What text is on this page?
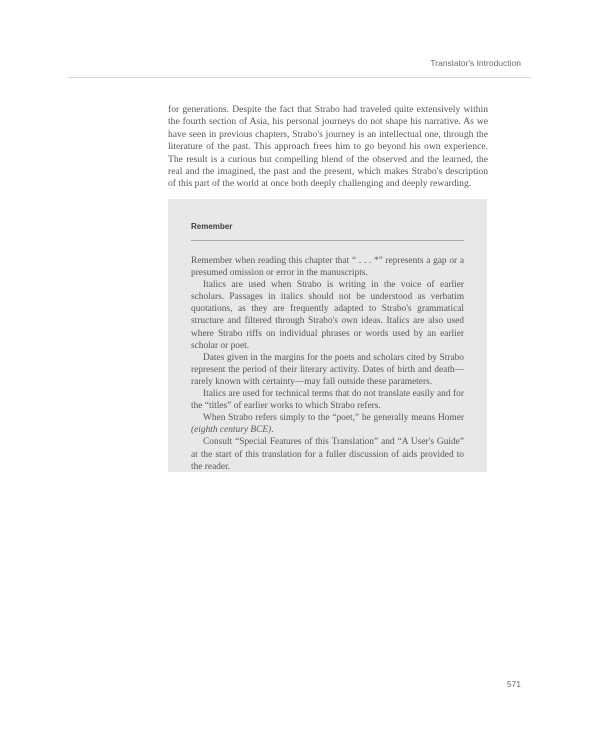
Translator's Introduction

for generations. Despite the fact that Strabo had traveled quite extensively within the fourth section of Asia, his personal journeys do not shape his narrative. As we have seen in previous chapters, Strabo's journey is an intellectual one, through the literature of the past. This approach frees him to go beyond his own experience. The result is a curious but compelling blend of the observed and the learned, the real and the imagined, the past and the present, which makes Strabo's description of this part of the world at once both deeply challenging and deeply rewarding.

Remember

Remember when reading this chapter that “ . . . *” represents a gap or a presumed omission or error in the manuscripts.

Italics are used when Strabo is writing in the voice of earlier scholars. Passages in italics should not be understood as verbatim quotations, as they are frequently adapted to Strabo's grammatical structure and filtered through Strabo's own ideas. Italics are also used where Strabo riffs on individual phrases or words used by an earlier scholar or poet.

Dates given in the margins for the poets and scholars cited by Strabo represent the period of their literary activity. Dates of birth and death—rarely known with certainty—may fall outside these parameters.

Italics are used for technical terms that do not translate easily and for the “titles” of earlier works to which Strabo refers.

When Strabo refers simply to the “poet,” he generally means Homer (eighth century BCE).

Consult “Special Features of this Translation” and “A User's Guide” at the start of this translation for a fuller discussion of aids provided to the reader.

571
